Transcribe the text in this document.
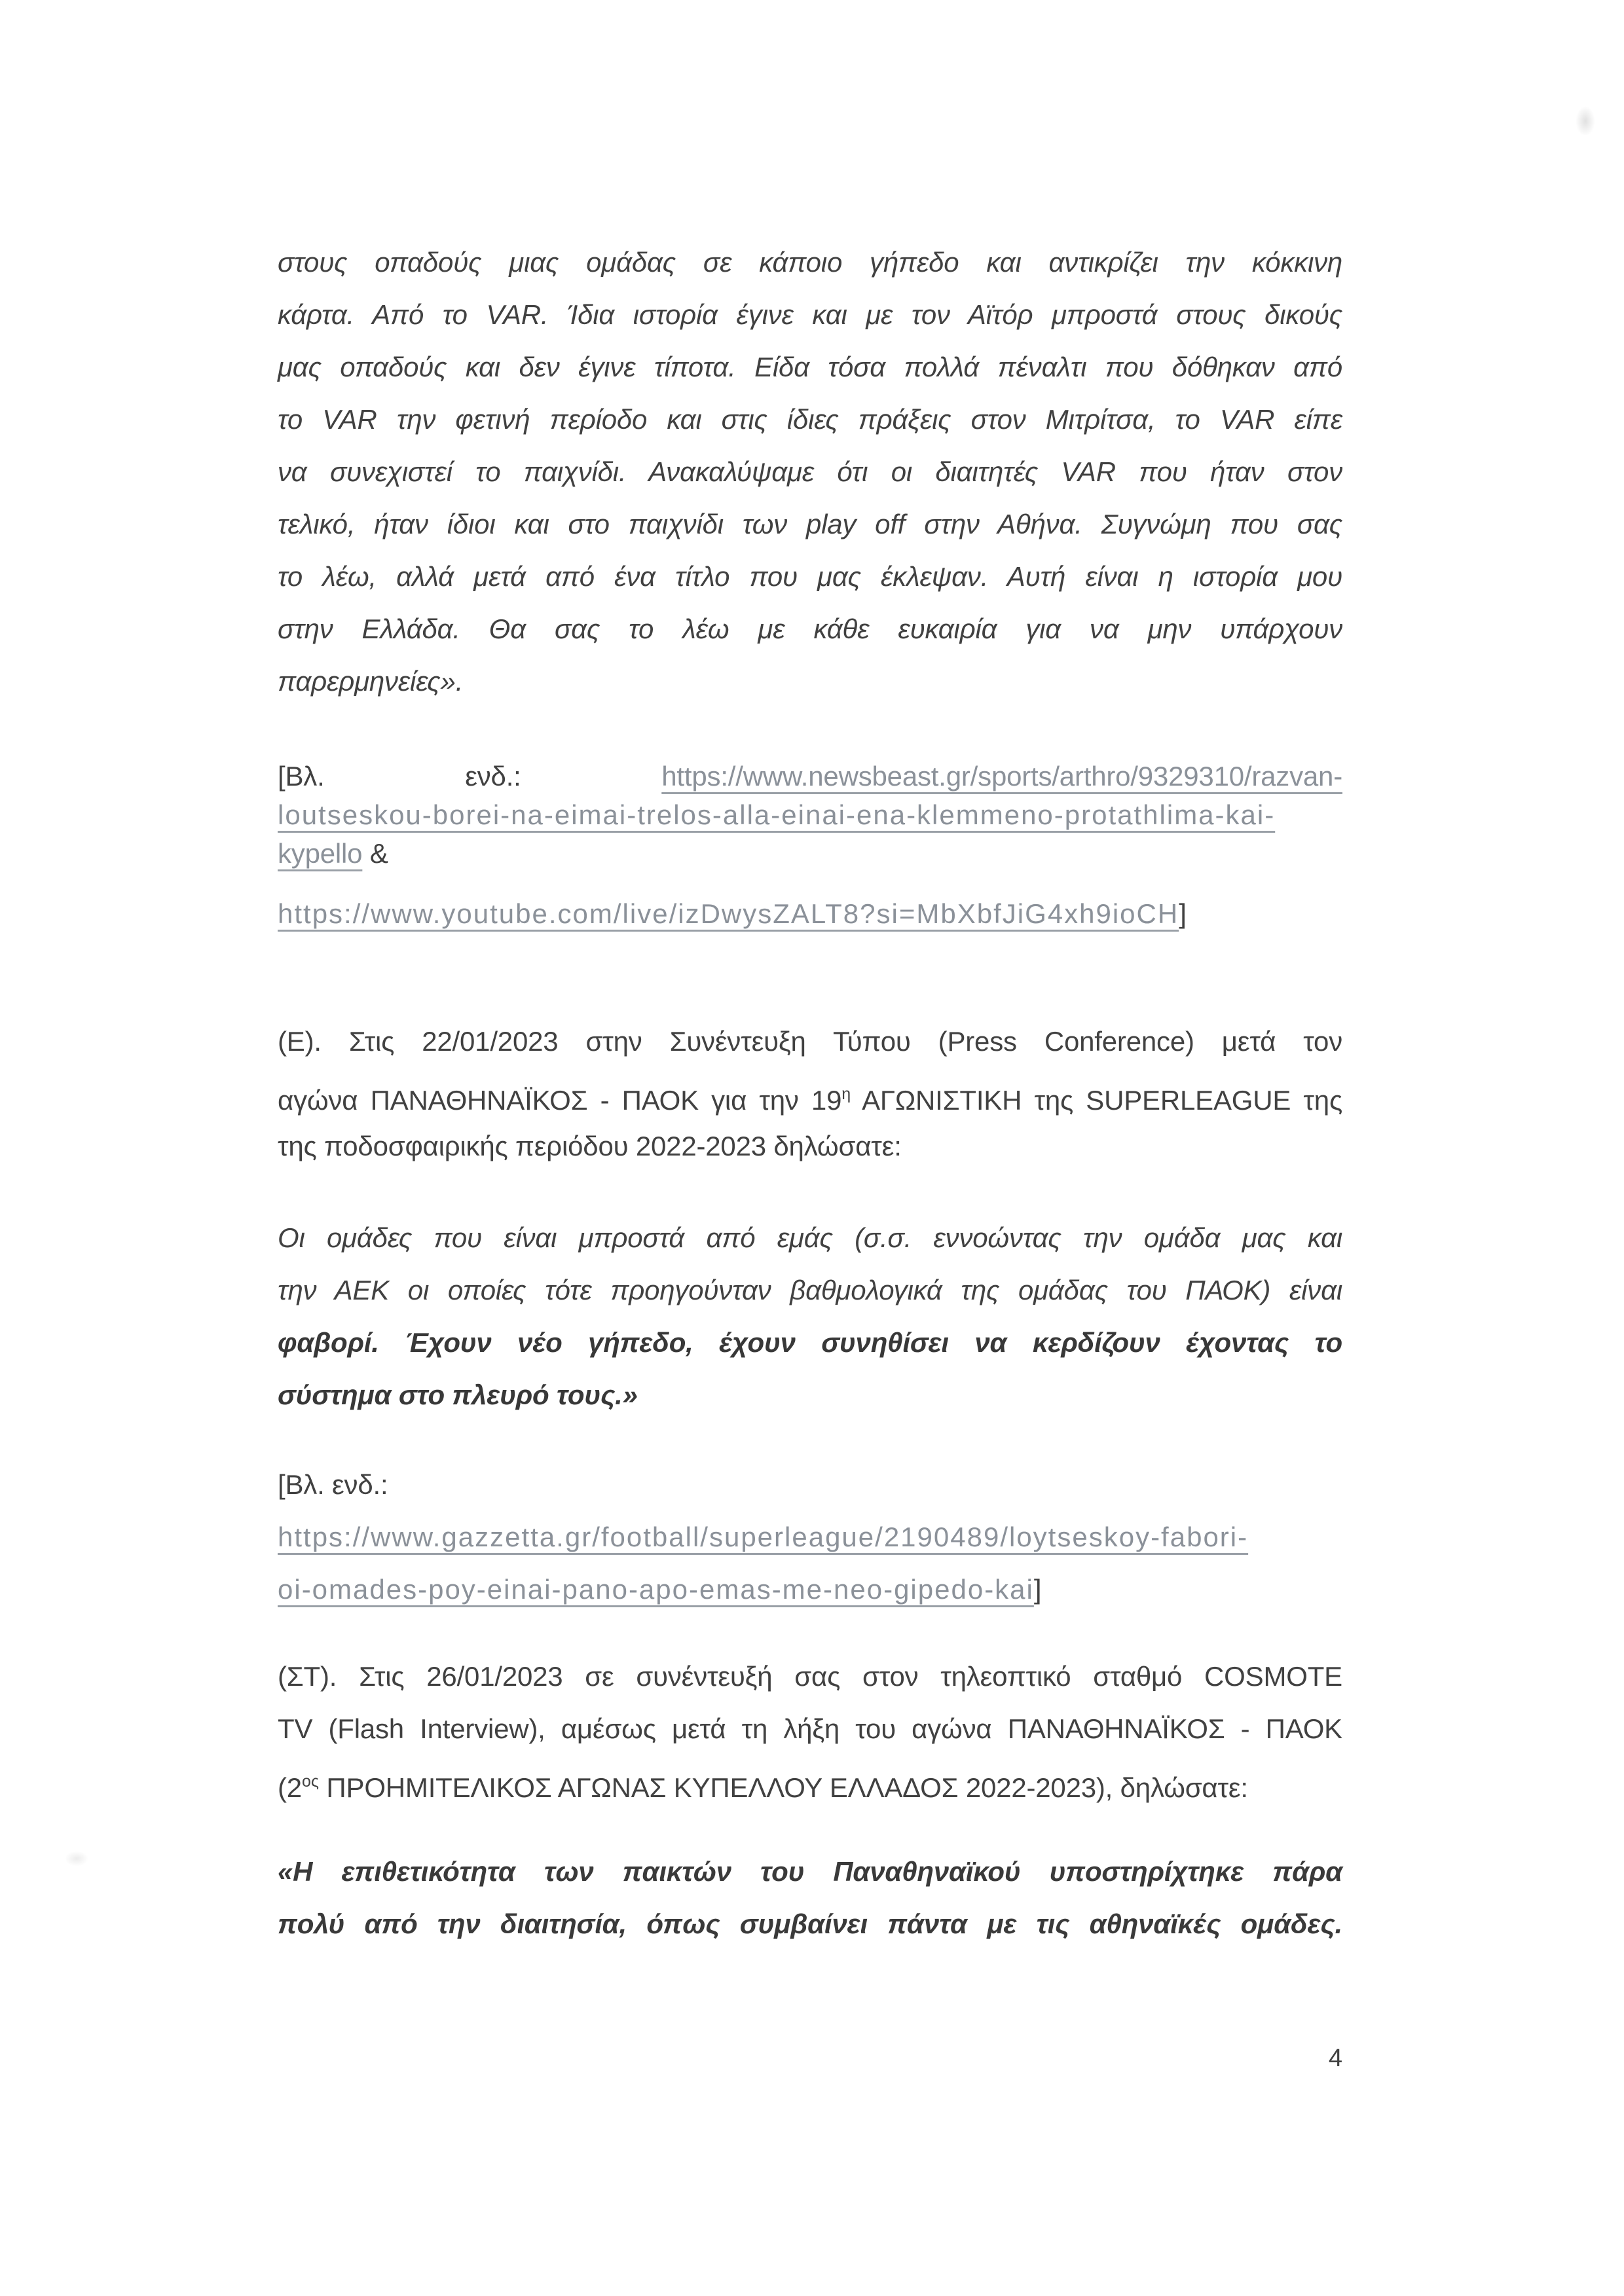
στους οπαδούς μιας ομάδας σε κάποιο γήπεδο και αντικρίζει την κόκκινη
κάρτα. Από το VAR. Ίδια ιστορία έγινε και με τον Αϊτόρ μπροστά στους δικούς
μας οπαδούς και δεν έγινε τίποτα. Είδα τόσα πολλά πέναλτι που δόθηκαν από
το VAR την φετινή περίοδο και στις ίδιες πράξεις στον Μιτρίτσα, το VAR είπε
να συνεχιστεί το παιχνίδι. Ανακαλύψαμε ότι οι διαιτητές VAR που ήταν στον
τελικό, ήταν ίδιοι και στο παιχνίδι των play off στην Αθήνα. Συγνώμη που σας
το λέω, αλλά μετά από ένα τίτλο που μας έκλεψαν. Αυτή είναι η ιστορία μου
στην Ελλάδα. Θα σας το λέω με κάθε ευκαιρία για να μην υπάρχουν
παρερμηνείες».
[Βλ. ενδ.: https://www.newsbeast.gr/sports/arthro/9329310/razvan-
loutseskou-borei-na-eimai-trelos-alla-einai-ena-klemmeno-protathlima-kai-
kypello &
https://www.youtube.com/live/izDwysZALT8?si=MbXbfJiG4xh9ioCH]
(Ε). Στις 22/01/2023 στην Συνέντευξη Τύπου (Press Conference) μετά τον
αγώνα ΠΑΝΑΘΗΝΑΪΚΟΣ - ΠΑΟΚ για την $19^\eta$ ΑΓΩΝΙΣΤΙΚΗ της SUPERLEAGUE της
της ποδοσφαιρικής περιόδου 2022-2023 δηλώσατε:
Οι ομάδες που είναι μπροστά από εμάς (σ.σ. εννοώντας την ομάδα μας και
την ΑΕΚ οι οποίες τότε προηγούνταν βαθμολογικά της ομάδας του ΠΑΟΚ) είναι
φαβορί. Έχουν νέο γήπεδο, έχουν συνηθίσει να κερδίζουν έχοντας το
σύστημα στο πλευρό τους.»
[Βλ. ενδ.:
https://www.gazzetta.gr/football/superleague/2190489/loytseskoy-fabori-
oi-omades-poy-einai-pano-apo-emas-me-neo-gipedo-kai]
(ΣΤ). Στις 26/01/2023 σε συνέντευξή σας στον τηλεοπτικό σταθμό COSMOTE
TV (Flash Interview), αμέσως μετά τη λήξη του αγώνα ΠΑΝΑΘΗΝΑΪΚΟΣ - ΠΑΟΚ
($2^{o\varsigma}$ ΠΡΟΗΜΙΤΕΛΙΚΟΣ ΑΓΩΝΑΣ ΚΥΠΕΛΛΟΥ ΕΛΛΑΔΟΣ 2022-2023), δηλώσατε:
«Η επιθετικότητα των παικτών του Παναθηναϊκού υποστηρίχτηκε πάρα
πολύ από την διαιτησία, όπως συμβαίνει πάντα με τις αθηναϊκές ομάδες.
4
